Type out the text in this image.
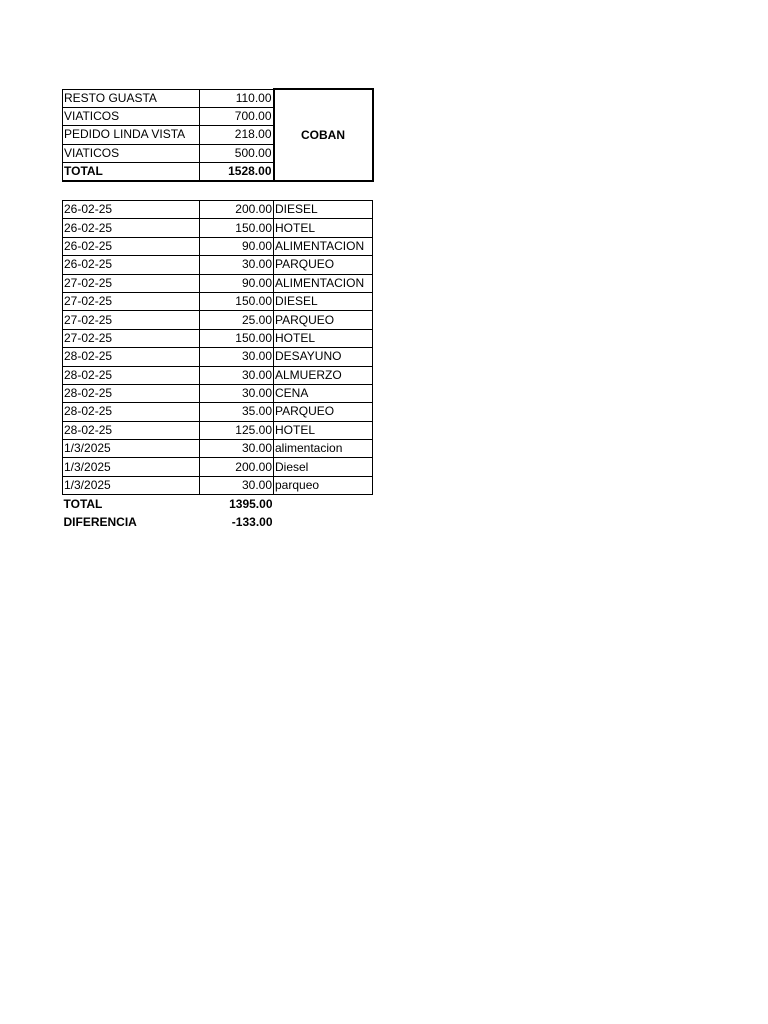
RESTO GUASTA	110.00	COBAN
VIATICOS	700.00	
PEDIDO LINDA VISTA	218.00	
VIATICOS	500.00	
TOTAL	1528.00	
26-02-25	200.00	DIESEL
26-02-25	150.00	HOTEL
26-02-25	90.00	ALIMENTACION
26-02-25	30.00	PARQUEO
27-02-25	90.00	ALIMENTACION
27-02-25	150.00	DIESEL
27-02-25	25.00	PARQUEO
27-02-25	150.00	HOTEL
28-02-25	30.00	DESAYUNO
28-02-25	30.00	ALMUERZO
28-02-25	30.00	CENA
28-02-25	35.00	PARQUEO
28-02-25	125.00	HOTEL
1/3/2025	30.00	alimentacion
1/3/2025	200.00	Diesel
1/3/2025	30.00	parqueo
TOTAL	1395.00	
DIFERENCIA	-133.00	
